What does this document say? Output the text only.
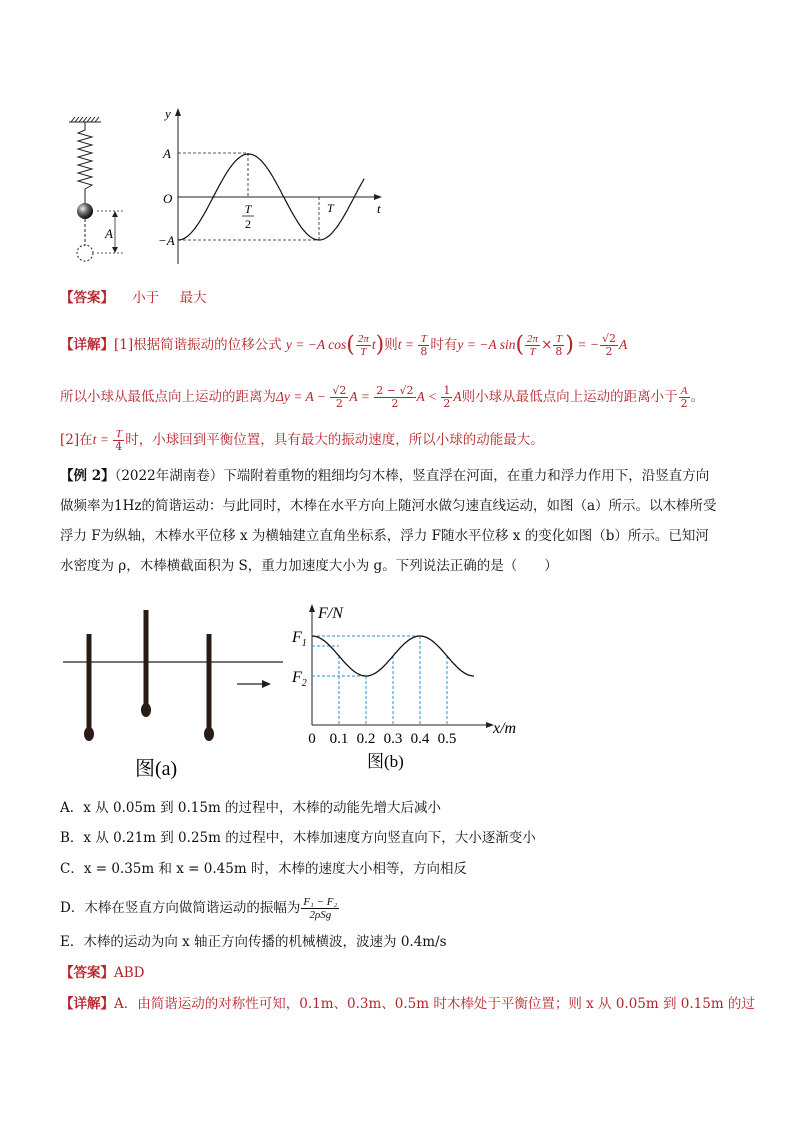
A
y
t
A
O
−A
T
2
T
【答案】 小于 最大
【详解】[1]根据简谐振动的位移公式 y = −A $\cos( \frac{2\pi}{T} t)$则$t = \frac{T}{8}$ 时有y = −A $\sin( \frac{2\pi}{T} \times \frac{T}{8}$ ) = − $\frac{√2}{2}$ A
所以小球从最低点向上运动的距离为$\Delta y = A - \frac{√2}{2}$ $A = \frac{2 - √2}{2}$ $A < \frac{1}{2}$ A则小球从最低点向上运动的距离小于 $\frac{A}{2}$ 。
[2]在$t = \frac{T}{4}$ 时，小球回到平衡位置，具有最大的振动速度，所以小球的动能最大。
【例 2】（2022年湖南卷）下端附着重物的粗细均匀木棒，竖直浮在河面，在重力和浮力作用下，沿竖直方向
做频率为1Hz的简谐运动：与此同时，木棒在水平方向上随河水做匀速直线运动，如图（a）所示。以木棒所受
浮力 F为纵轴，木棒水平位移 x 为横轴建立直角坐标系，浮力 F随水平位移 x 的变化如图（b）所示。已知河
水密度为 ρ，木棒横截面积为 S，重力加速度大小为 g。下列说法正确的是（　　）
图(a)
F/N
x/m
$F_1$
$F_2$
0 0.1 0.2 0.3 0.4 0.5
图(b)
A．x 从 0.05m 到 0.15m 的过程中，木棒的动能先增大后减小
B．x 从 0.21m 到 0.25m 的过程中，木棒加速度方向竖直向下，大小逐渐变小
C．x = 0.35m 和 x = 0.45m 时，木棒的速度大小相等，方向相反
D．木棒在竖直方向做简谐运动的振幅为 $\frac{\text{F₁ − F₂}}{\text{2ρSg}}$
E．木棒的运动为向 x 轴正方向传播的机械横波，波速为 0.4m/s
【答案】ABD
【详解】A．由简谐运动的对称性可知，0.1m、0.3m、0.5m 时木棒处于平衡位置；则 x 从 0.05m 到 0.15m 的过
